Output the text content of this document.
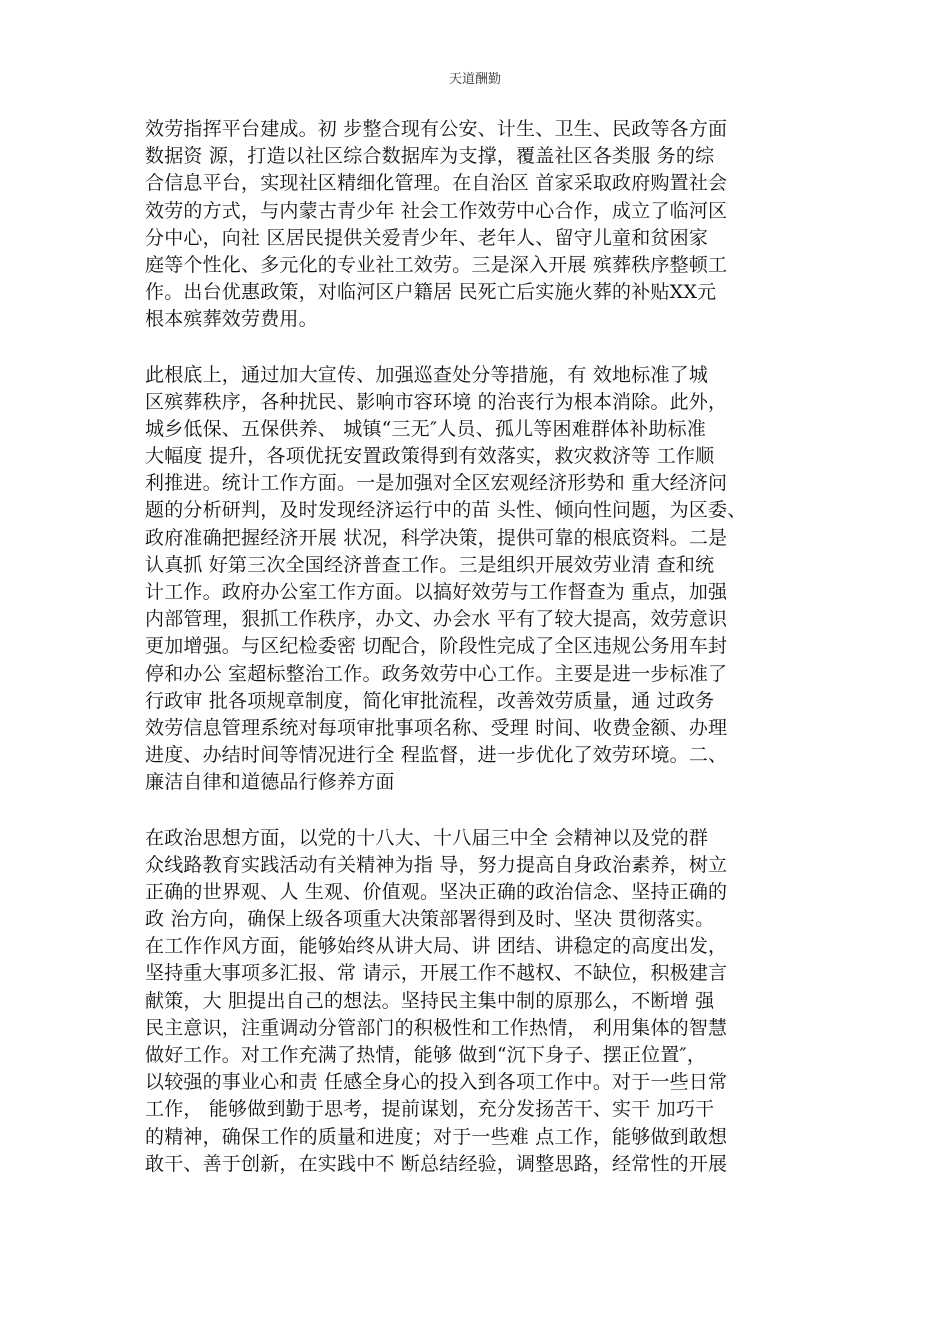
天道酬勤
效劳指挥平台建成。初 步整合现有公安、计生、卫生、民政等各方面
数据资 源，打造以社区综合数据库为支撑，覆盖社区各类服 务的综
合信息平台，实现社区精细化管理。在自治区 首家采取政府购置社会
效劳的方式，与内蒙古青少年 社会工作效劳中心合作，成立了临河区
分中心，向社 区居民提供关爱青少年、老年人、留守儿童和贫困家
庭等个性化、多元化的专业社工效劳。三是深入开展 殡葬秩序整顿工
作。出台优惠政策，对临河区户籍居 民死亡后实施火葬的补贴XX元
根本殡葬效劳费用。
此根底上，通过加大宣传、加强巡查处分等措施，有 效地标准了城
区殡葬秩序，各种扰民、影响市容环境 的治丧行为根本消除。此外，
城乡低保、五保供养、 城镇“三无″人员、孤儿等困难群体补助标准
大幅度 提升，各项优抚安置政策得到有效落实，救灾救济等 工作顺
利推进。统计工作方面。一是加强对全区宏观经济形势和 重大经济问
题的分析研判，及时发现经济运行中的苗 头性、倾向性问题，为区委、
政府准确把握经济开展 状况，科学决策，提供可靠的根底资料。二是
认真抓 好第三次全国经济普查工作。三是组织开展效劳业清 查和统
计工作。政府办公室工作方面。以搞好效劳与工作督查为 重点，加强
内部管理，狠抓工作秩序，办文、办会水 平有了较大提高，效劳意识
更加增强。与区纪检委密 切配合，阶段性完成了全区违规公务用车封
停和办公 室超标整治工作。政务效劳中心工作。主要是进一步标准了
行政审 批各项规章制度，简化审批流程，改善效劳质量，通 过政务
效劳信息管理系统对每项审批事项名称、受理 时间、收费金额、办理
进度、办结时间等情况进行全 程监督，进一步优化了效劳环境。二、
廉洁自律和道德品行修养方面
在政治思想方面，以党的十八大、十八届三中全 会精神以及党的群
众线路教育实践活动有关精神为指 导，努力提高自身政治素养，树立
正确的世界观、人 生观、价值观。坚决正确的政治信念、坚持正确的
政 治方向，确保上级各项重大决策部署得到及时、坚决 贯彻落实。
在工作作风方面，能够始终从讲大局、讲 团结、讲稳定的高度出发，
坚持重大事项多汇报、常 请示，开展工作不越权、不缺位，积极建言
献策，大 胆提出自己的想法。坚持民主集中制的原那么，不断增 强
民主意识，注重调动分管部门的积极性和工作热情， 利用集体的智慧
做好工作。对工作充满了热情，能够 做到“沉下身子、摆正位置″，
以较强的事业心和责 任感全身心的投入到各项工作中。对于一些日常
工作， 能够做到勤于思考，提前谋划，充分发扬苦干、实干 加巧干
的精神，确保工作的质量和进度；对于一些难 点工作，能够做到敢想
敢干、善于创新，在实践中不 断总结经验，调整思路，经常性的开展
